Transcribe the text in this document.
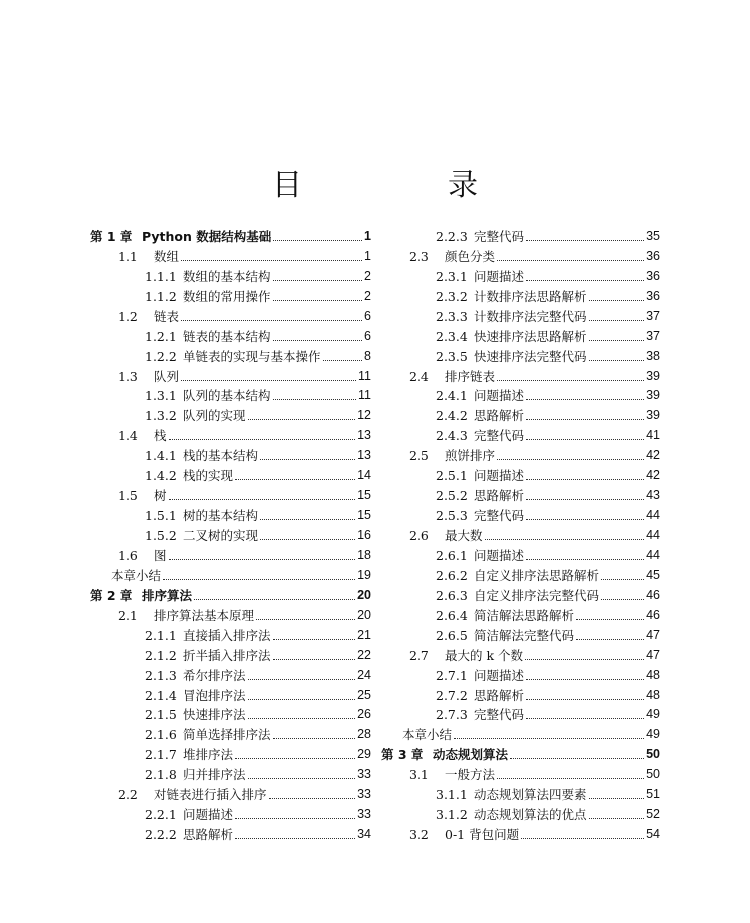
目　录
第 1 章 Python 数据结构基础	1
1.1	数组	1
1.1.1 数组的基本结构	2
1.1.2 数组的常用操作	2
1.2	链表	6
1.2.1 链表的基本结构	6
1.2.2 单链表的实现与基本操作	8
1.3	队列	11
1.3.1 队列的基本结构	11
1.3.2 队列的实现	12
1.4	栈	13
1.4.1 栈的基本结构	13
1.4.2 栈的实现	14
1.5	树	15
1.5.1 树的基本结构	15
1.5.2 二叉树的实现	16
1.6	图	18
本章小结	19
第 2 章 排序算法	20
2.1	排序算法基本原理	20
2.1.1 直接插入排序法	21
2.1.2 折半插入排序法	22
2.1.3 希尔排序法	24
2.1.4 冒泡排序法	25
2.1.5 快速排序法	26
2.1.6 简单选择排序法	28
2.1.7 堆排序法	29
2.1.8 归并排序法	33
2.2	对链表进行插入排序	33
2.2.1 问题描述	33
2.2.2 思路解析	34
2.2.3 完整代码	35
2.3	颜色分类	36
2.3.1 问题描述	36
2.3.2 计数排序法思路解析	36
2.3.3 计数排序法完整代码	37
2.3.4 快速排序法思路解析	37
2.3.5 快速排序法完整代码	38
2.4	排序链表	39
2.4.1 问题描述	39
2.4.2 思路解析	39
2.4.3 完整代码	41
2.5	煎饼排序	42
2.5.1 问题描述	42
2.5.2 思路解析	43
2.5.3 完整代码	44
2.6	最大数	44
2.6.1 问题描述	44
2.6.2 自定义排序法思路解析	45
2.6.3 自定义排序法完整代码	46
2.6.4 简洁解法思路解析	46
2.6.5 简洁解法完整代码	47
2.7	最大的 k 个数	47
2.7.1 问题描述	48
2.7.2 思路解析	48
2.7.3 完整代码	49
本章小结	49
第 3 章 动态规划算法	50
3.1	一般方法	50
3.1.1 动态规划算法四要素	51
3.1.2 动态规划算法的优点	52
3.2	0-1 背包问题	54
